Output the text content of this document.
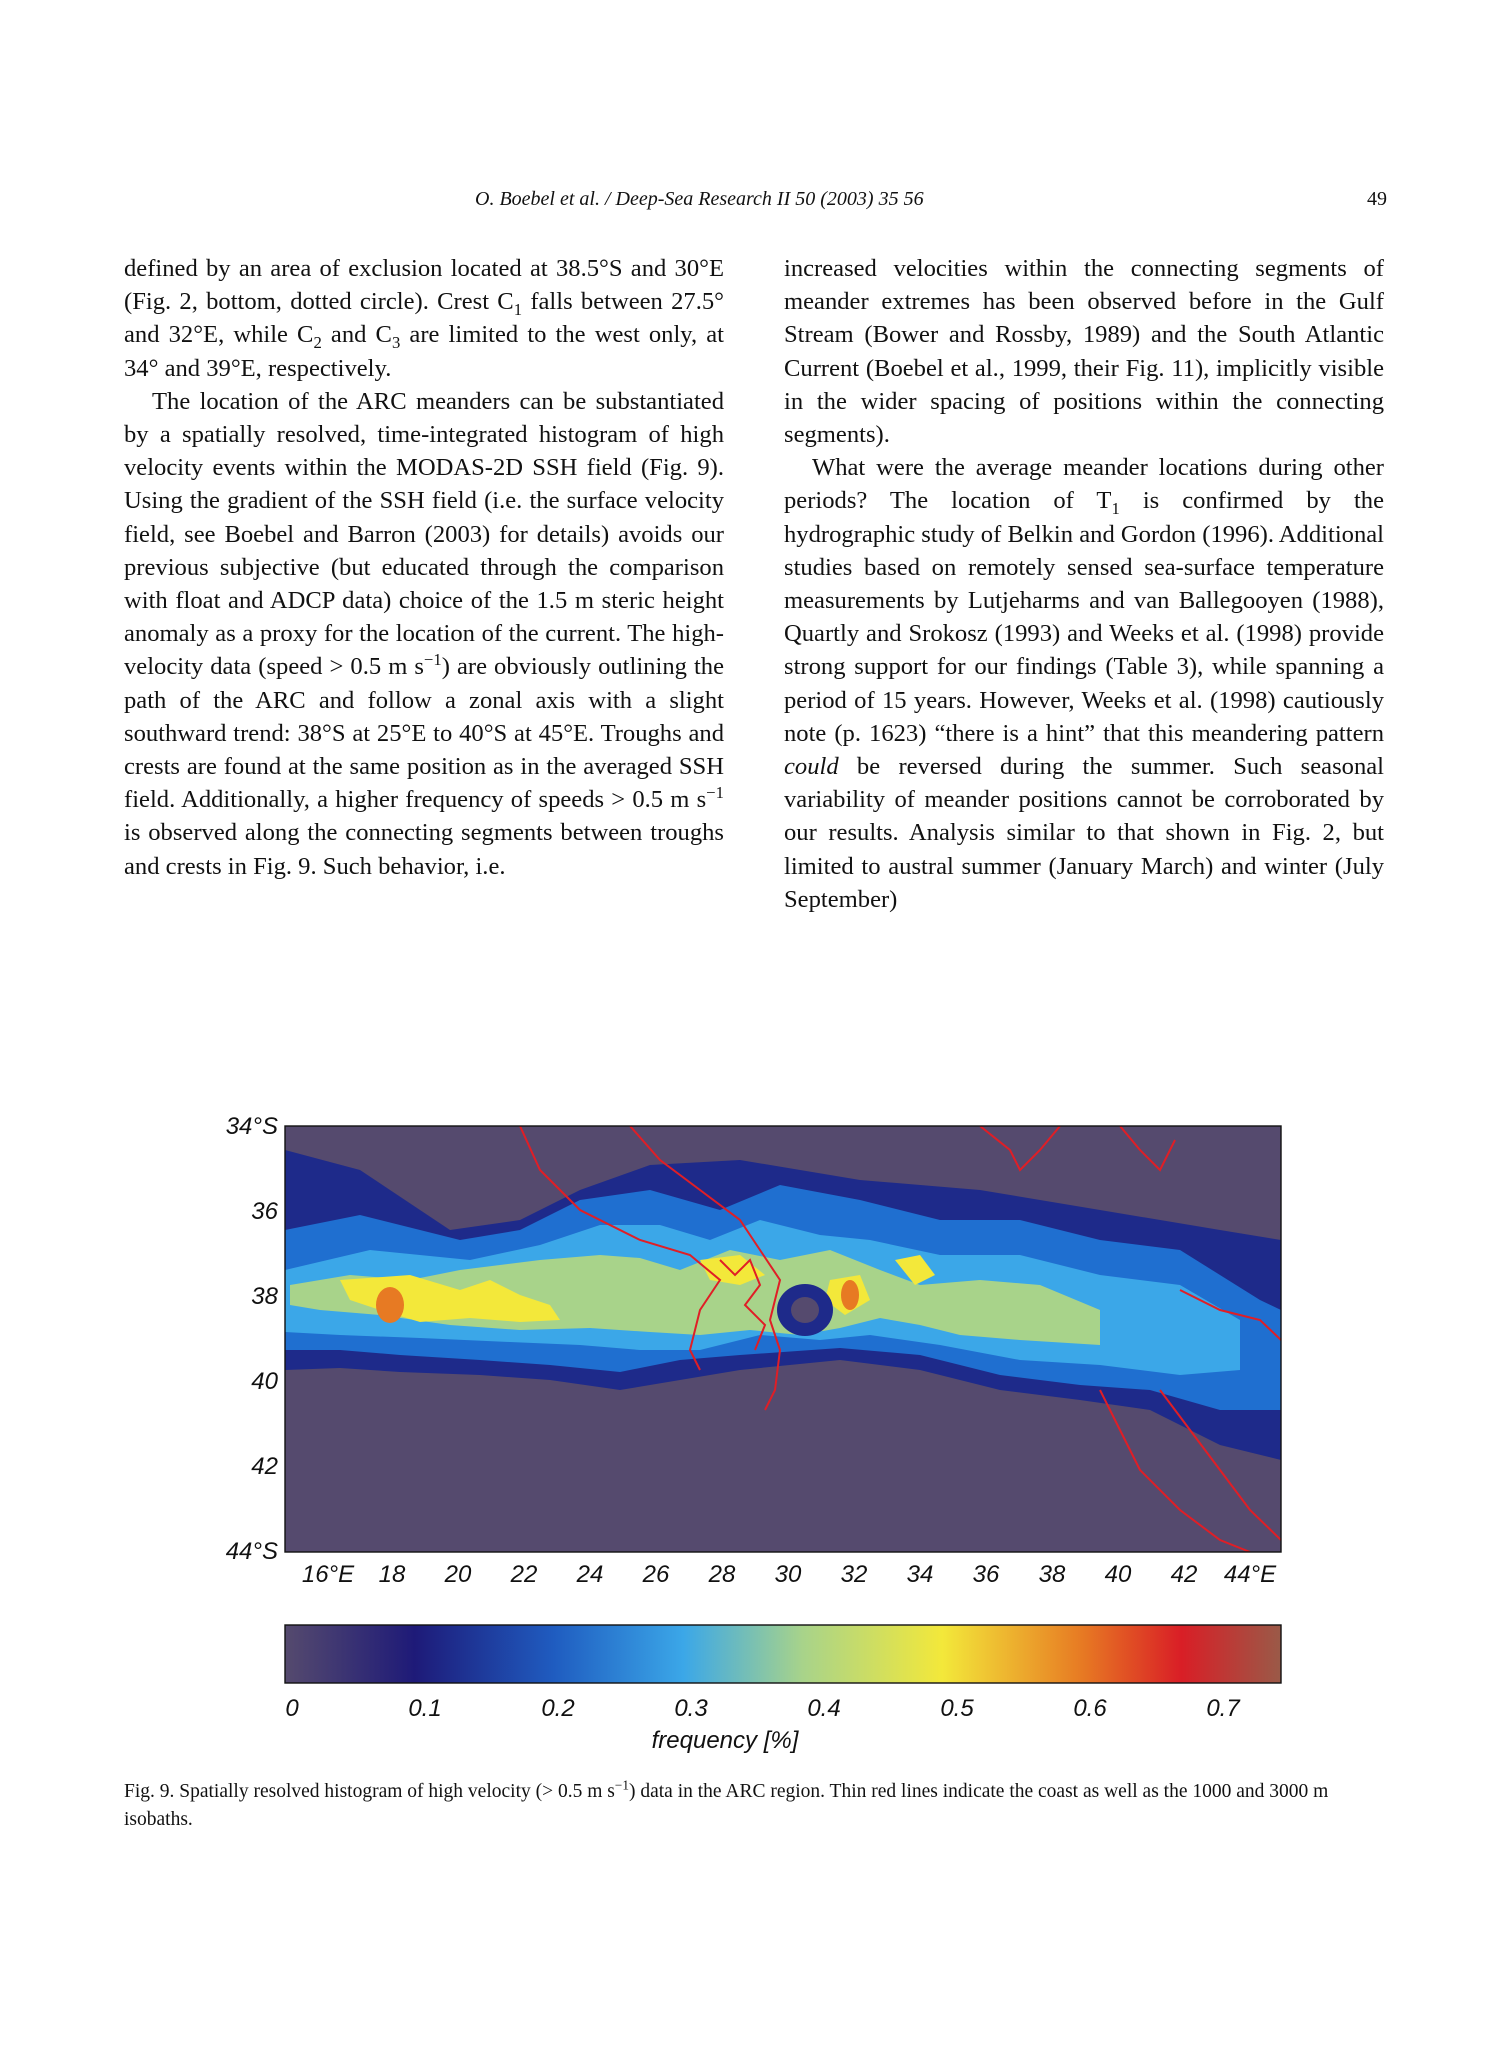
O. Boebel et al. / Deep-Sea Research II 50 (2003) 35 56	49

defined by an area of exclusion located at 38.5°S and 30°E (Fig. 2, bottom, dotted circle). Crest $C_1$ falls between 27.5° and 32°E, while $C_2$ and $C_3$ are limited to the west only, at 34° and 39°E, respectively.

The location of the ARC meanders can be substantiated by a spatially resolved, time-integrated histogram of high velocity events within the MODAS-2D SSH field (Fig. 9). Using the gradient of the SSH field (i.e. the surface velocity field, see Boebel and Barron (2003) for details) avoids our previous subjective (but educated through the comparison with float and ADCP data) choice of the 1.5 m steric height anomaly as a proxy for the location of the current. The high-velocity data (speed > 0.5 m $s^{-1}$) are obviously outlining the path of the ARC and follow a zonal axis with a slight southward trend: 38°S at 25°E to 40°S at 45°E. Troughs and crests are found at the same position as in the averaged SSH field. Additionally, a higher frequency of speeds > 0.5 m $s^{-1}$ is observed along the connecting segments between troughs and crests in Fig. 9. Such behavior, i.e.

increased velocities within the connecting segments of meander extremes has been observed before in the Gulf Stream (Bower and Rossby, 1989) and the South Atlantic Current (Boebel et al., 1999, their Fig. 11), implicitly visible in the wider spacing of positions within the connecting segments).

What were the average meander locations during other periods? The location of $T_1$ is confirmed by the hydrographic study of Belkin and Gordon (1996). Additional studies based on remotely sensed sea-surface temperature measurements by Lutjeharms and van Ballegooyen (1988), Quartly and Srokosz (1993) and Weeks et al. (1998) provide strong support for our findings (Table 3), while spanning a period of 15 years. However, Weeks et al. (1998) cautiously note (p. 1623) “there is a hint” that this meandering pattern could be reversed during the summer. Such seasonal variability of meander positions cannot be corroborated by our results. Analysis similar to that shown in Fig. 2, but limited to austral summer (January March) and winter (July September)

34°S
36
38
40
42
44°S
16°E 18 20 22 24 26 28 30 32 34 36 38 40 42 44°E
0	0.1	0.2	0.3	0.4	0.5	0.6	0.7
frequency [%]

Fig. 9. Spatially resolved histogram of high velocity (> 0.5 m $s^{-1}$) data in the ARC region. Thin red lines indicate the coast as well as the 1000 and 3000 m isobaths.
